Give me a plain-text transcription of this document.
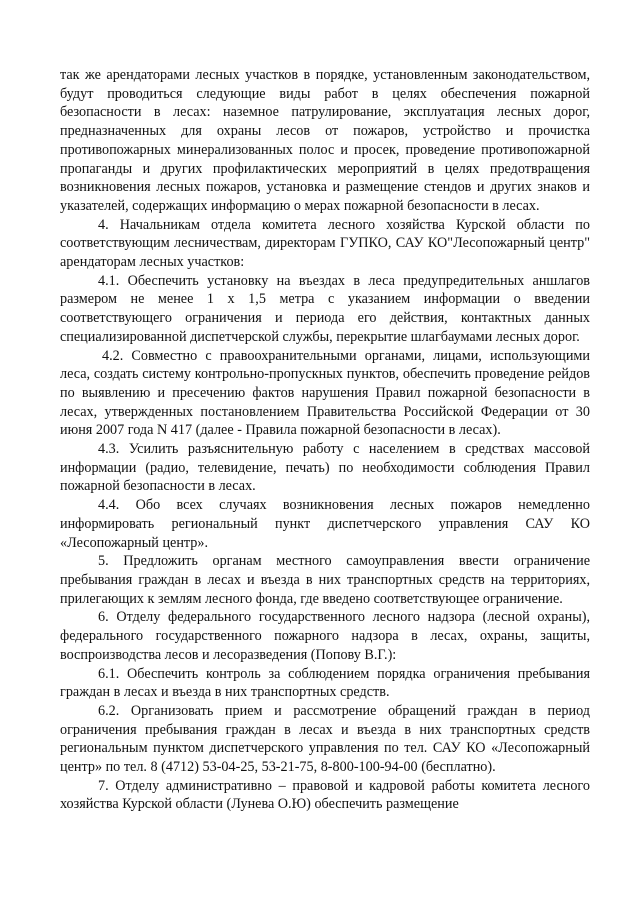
так же арендаторами лесных участков в порядке, установленным законодательством, будут проводиться следующие виды работ в целях обеспечения пожарной безопасности в лесах: наземное патрулирование, эксплуатация лесных дорог, предназначенных для охраны лесов от пожаров, устройство и прочистка противопожарных минерализованных полос и просек, проведение противопожарной пропаганды и других профилактических мероприятий в целях предотвращения возникновения лесных пожаров, установка и размещение стендов и других знаков и указателей, содержащих информацию о мерах пожарной безопасности в лесах.

4. Начальникам отдела комитета лесного хозяйства Курской области по соответствующим лесничествам, директорам ГУПКО, САУ КО"Лесопожарный центр" арендаторам лесных участков:

4.1. Обеспечить установку на въездах в леса предупредительных аншлагов размером не менее 1 х 1,5 метра с указанием информации о введении соответствующего ограничения и периода его действия, контактных данных специализированной диспетчерской службы, перекрытие шлагбаумами лесных дорог.

4.2. Совместно с правоохранительными органами, лицами, использующими леса, создать систему контрольно-пропускных пунктов, обеспечить проведение рейдов по выявлению и пресечению фактов нарушения Правил пожарной безопасности в лесах, утвержденных постановлением Правительства Российской Федерации от 30 июня 2007 года N 417 (далее - Правила пожарной безопасности в лесах).

4.3. Усилить разъяснительную работу с населением в средствах массовой информации (радио, телевидение, печать) по необходимости соблюдения Правил пожарной безопасности в лесах.

4.4. Обо всех случаях возникновения лесных пожаров немедленно информировать региональный пункт диспетчерского управления САУ КО «Лесопожарный центр».

5. Предложить органам местного самоуправления ввести ограничение пребывания граждан в лесах и въезда в них транспортных средств на территориях, прилегающих к землям лесного фонда, где введено соответствующее ограничение.

6. Отделу федерального государственного лесного надзора (лесной охраны), федерального государственного пожарного надзора в лесах, охраны, защиты, воспроизводства лесов и лесоразведения (Попову В.Г.):

6.1. Обеспечить контроль за соблюдением порядка ограничения пребывания граждан в лесах и въезда в них транспортных средств.

6.2. Организовать прием и рассмотрение обращений граждан в период ограничения пребывания граждан в лесах и въезда в них транспортных средств региональным пунктом диспетчерского управления по тел. САУ КО «Лесопожарный центр» по тел. 8 (4712) 53-04-25, 53-21-75, 8-800-100-94-00 (бесплатно).

7. Отделу административно – правовой и кадровой работы комитета лесного хозяйства Курской области (Лунева О.Ю) обеспечить размещение
